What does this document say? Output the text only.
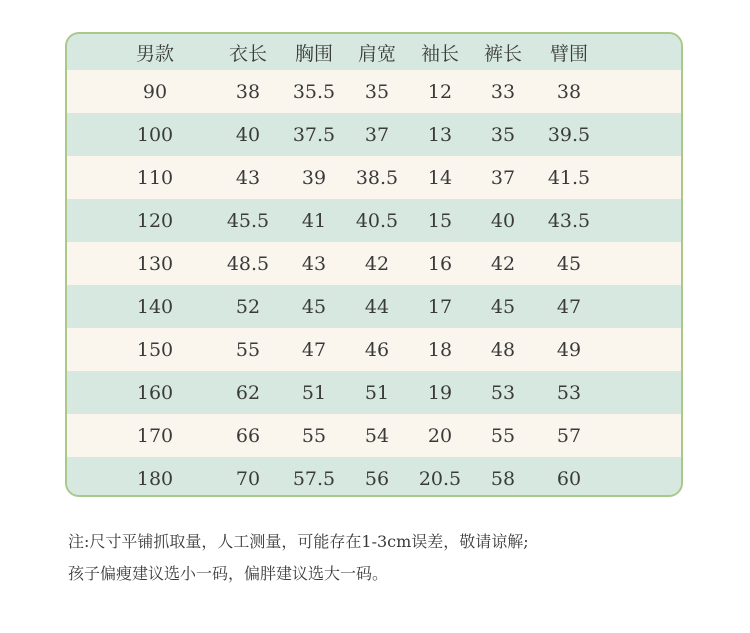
男款	衣长 胸围 肩宽 袖长 裤长 臂围
90	38 35.5 35 12 33 38
100	40 37.5 37 13 35 39.5
110	43 39 38.5 14 37 41.5
120	45.5 41 40.5 15 40 43.5
130	48.5 43 42 16 42 45
140	52 45 44 17 45 47
150	55 47 46 18 48 49
160	62 51 51 19 53 53
170	66 55 54 20 55 57
180	70 57.5 56 20.5 58 60
注:尺寸平铺抓取量，人工测量，可能存在1-3cm误差，敬请谅解;
孩子偏瘦建议选小一码，偏胖建议选大一码。
